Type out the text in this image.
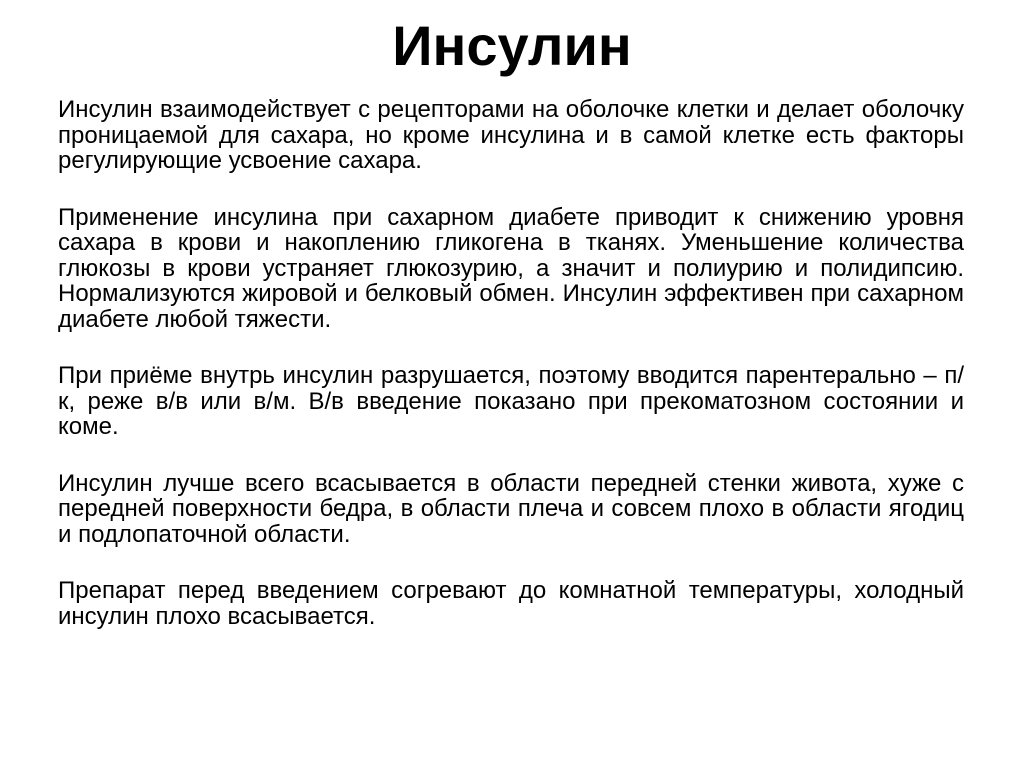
Инсулин

Инсулин взаимодействует с рецепторами на оболочке клетки и делает оболочку проницаемой для сахара, но кроме инсулина и в самой клетке есть факторы регулирующие усвоение сахара.

Применение инсулина при сахарном диабете приводит к снижению уровня сахара в крови и накоплению гликогена в тканях. Уменьшение количества глюкозы в крови устраняет глюкозурию, а значит и полиурию и полидипсию. Нормализуются жировой и белковый обмен. Инсулин эффективен при сахарном диабете любой тяжести.

При приёме внутрь инсулин разрушается, поэтому вводится парентерально – п/к, реже в/в или в/м. В/в введение показано при прекоматозном состоянии и коме.

Инсулин лучше всего всасывается в области передней стенки живота, хуже с передней поверхности бедра, в области плеча и совсем плохо в области ягодиц и подлопаточной области.

Препарат перед введением согревают до комнатной температуры, холодный инсулин плохо всасывается.
